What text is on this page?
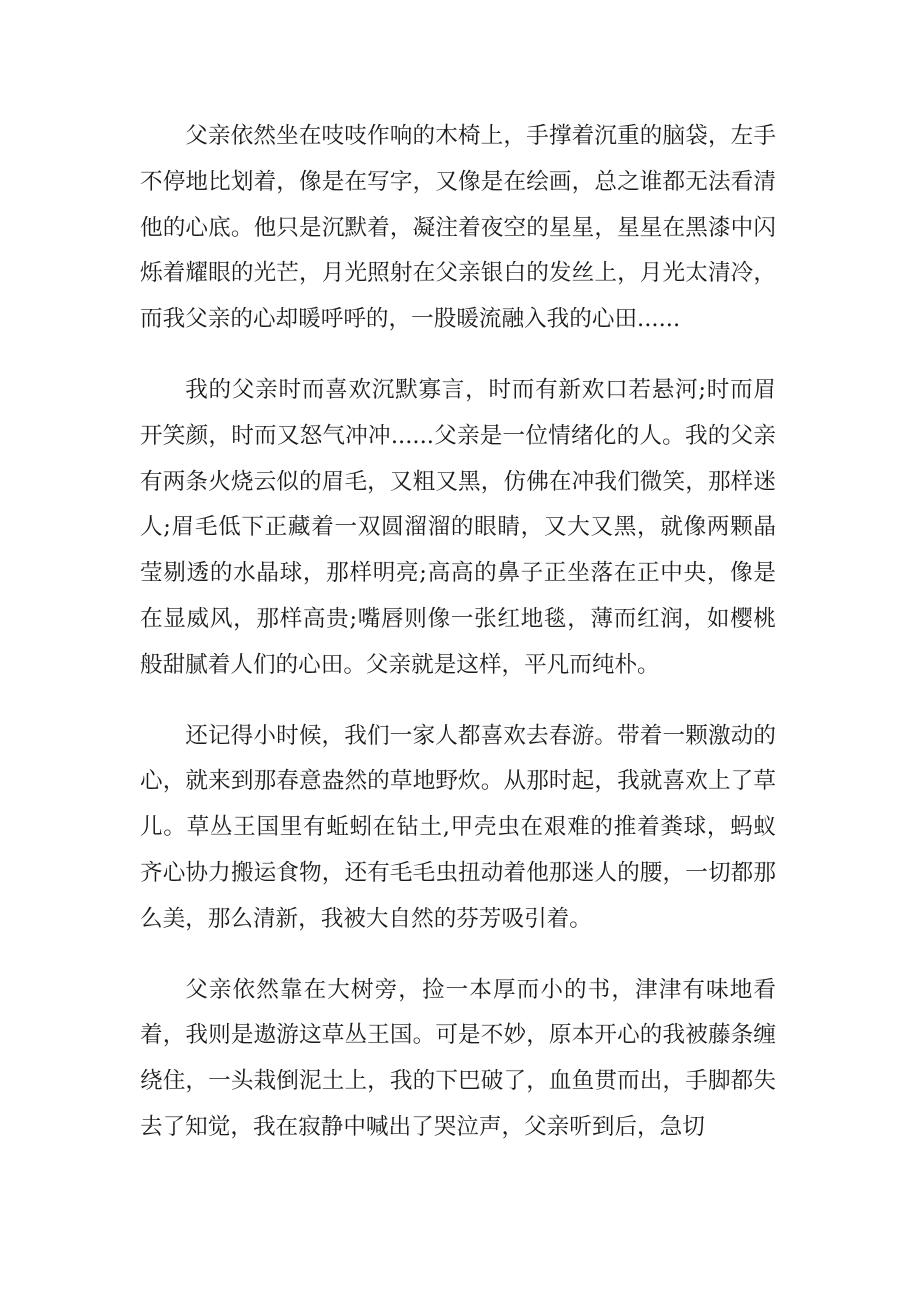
父亲依然坐在吱吱作响的木椅上，手撑着沉重的脑袋，左手不停地比划着，像是在写字，又像是在绘画，总之谁都无法看清他的心底。他只是沉默着，凝注着夜空的星星，星星在黑漆中闪烁着耀眼的光芒，月光照射在父亲银白的发丝上，月光太清冷，而我父亲的心却暖呼呼的，一股暖流融入我的心田......

我的父亲时而喜欢沉默寡言，时而有新欢口若悬河;时而眉开笑颜，时而又怒气冲冲......父亲是一位情绪化的人。我的父亲有两条火烧云似的眉毛，又粗又黑，仿佛在冲我们微笑，那样迷人;眉毛低下正藏着一双圆溜溜的眼睛，又大又黑，就像两颗晶莹剔透的水晶球，那样明亮;高高的鼻子正坐落在正中央，像是在显威风，那样高贵;嘴唇则像一张红地毯，薄而红润，如樱桃般甜腻着人们的心田。父亲就是这样，平凡而纯朴。

还记得小时候，我们一家人都喜欢去春游。带着一颗激动的心，就来到那春意盎然的草地野炊。从那时起，我就喜欢上了草儿。草丛王国里有蚯蚓在钻土,甲壳虫在艰难的推着粪球，蚂蚁齐心协力搬运食物，还有毛毛虫扭动着他那迷人的腰，一切都那么美，那么清新，我被大自然的芬芳吸引着。

父亲依然靠在大树旁，捡一本厚而小的书，津津有味地看着，我则是遨游这草丛王国。可是不妙，原本开心的我被藤条缠绕住，一头栽倒泥土上，我的下巴破了，血鱼贯而出，手脚都失去了知觉，我在寂静中喊出了哭泣声，父亲听到后，急切
